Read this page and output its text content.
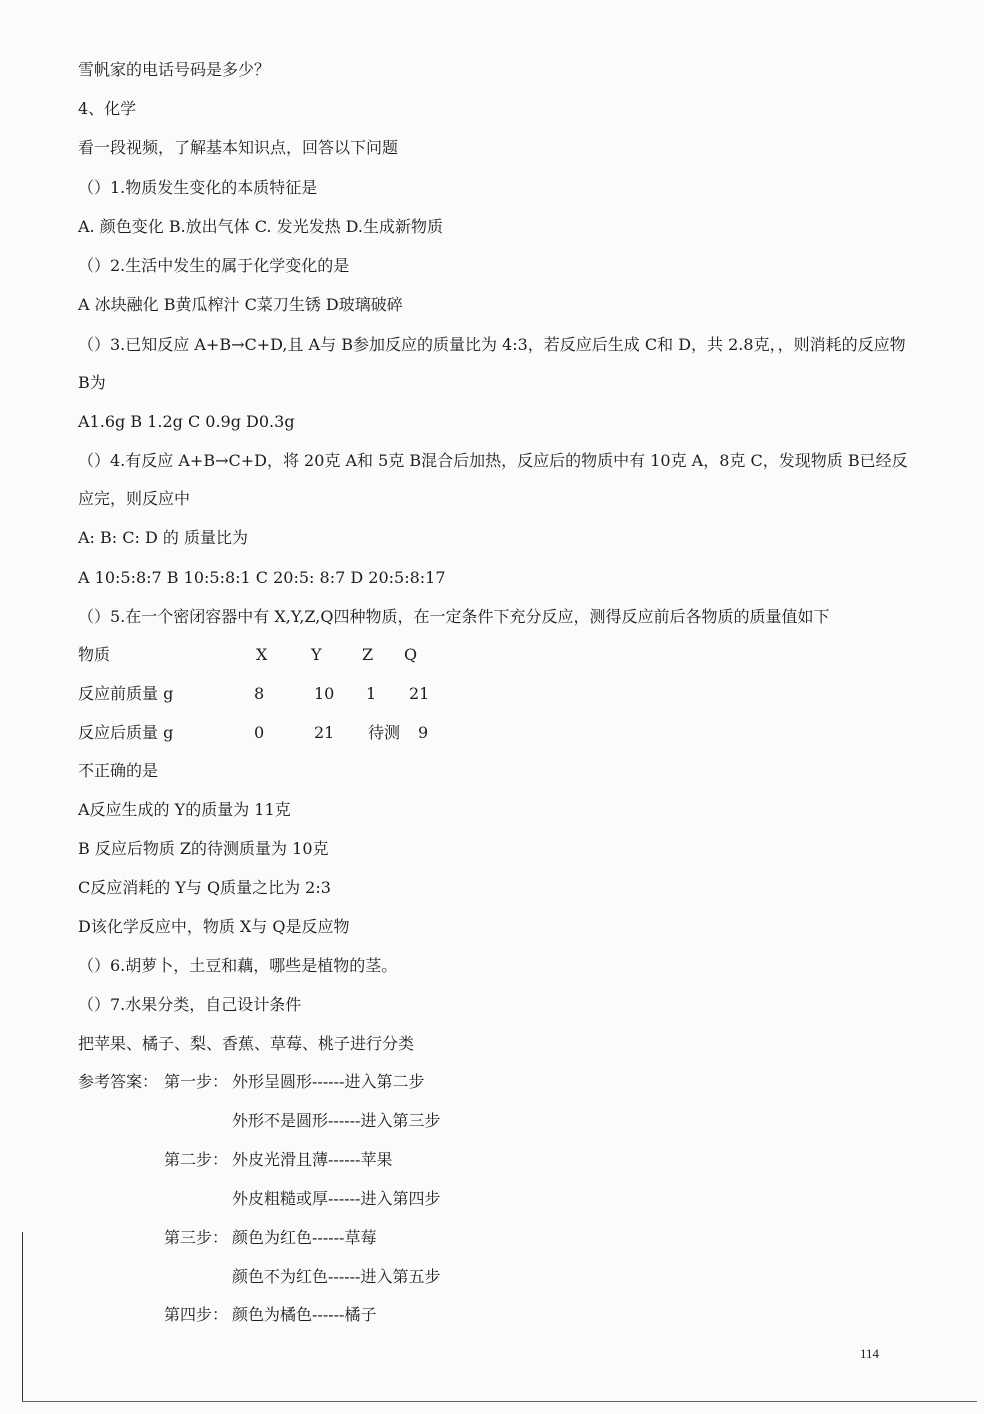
雪帆家的电话号码是多少？
4、化学
看一段视频，了解基本知识点，回答以下问题
（）1.物质发生变化的本质特征是
A. 颜色变化 B.放出气体 C. 发光发热 D.生成新物质
（）2.生活中发生的属于化学变化的是
A 冰块融化 B黄瓜榨汁 C菜刀生锈 D玻璃破碎
（）3.已知反应 A+B→C+D,且 A与 B参加反应的质量比为 4:3，若反应后生成 C和 D，共 2.8克，，则消耗的反应物
B为
A1.6g B 1.2g C 0.9g D0.3g
（）4.有反应 A+B→C+D，将 20克 A和 5克 B混合后加热，反应后的物质中有 10克 A，8克 C，发现物质 B已经反
应完，则反应中
A: B: C: D 的 质量比为
A 10:5:8:7 B 10:5:8:1 C 20:5: 8:7 D 20:5:8:17
（）5.在一个密闭容器中有 X,Y,Z,Q四种物质，在一定条件下充分反应，测得反应前后各物质的质量值如下
物质	X	Y	Z Q
反应前质量 g	8	10 1 21
反应后质量 g	0	21 待测 9
不正确的是
A反应生成的 Y的质量为 11克
B 反应后物质 Z的待测质量为 10克
C反应消耗的 Y与 Q质量之比为 2:3
D该化学反应中，物质 X与 Q是反应物
（）6.胡萝卜，土豆和藕，哪些是植物的茎。
（）7.水果分类，自己设计条件
把苹果、橘子、梨、香蕉、草莓、桃子进行分类
参考答案： 第一步： 外形呈圆形------进入第二步
外形不是圆形------进入第三步
第二步： 外皮光滑且薄------苹果
外皮粗糙或厚------进入第四步
第三步： 颜色为红色------草莓
颜色不为红色------进入第五步
第四步： 颜色为橘色------橘子
114
